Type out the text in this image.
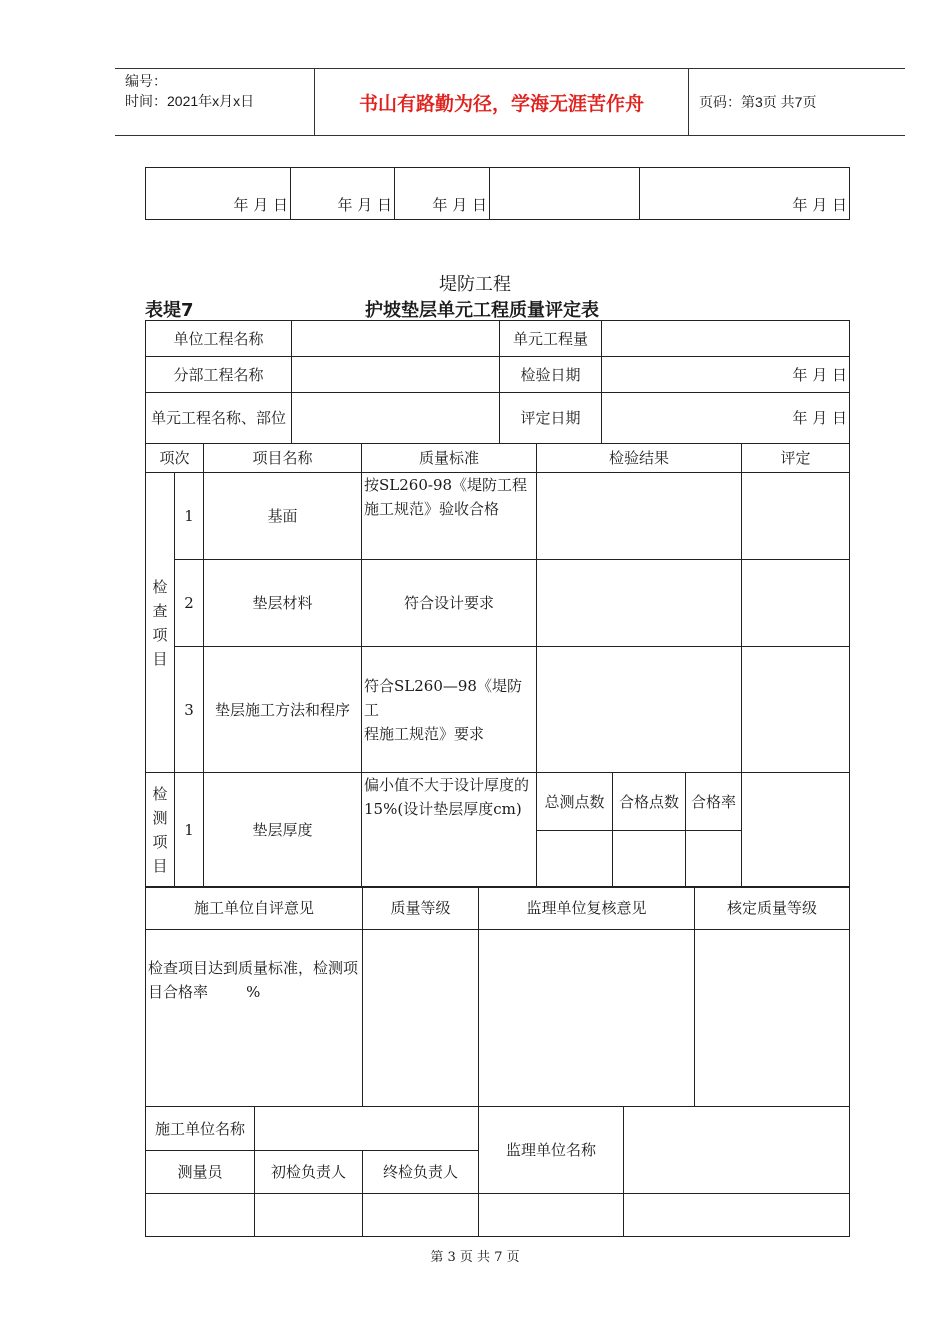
编号：
时间：2021年x月x日	书山有路勤为径，学海无涯苦作舟	页码：第3页 共7页
年 月 日	年 月 日	年 月 日		年 月 日
堤防工程
表堤7	护坡垫层单元工程质量评定表
单位工程名称		单元工程量	
分部工程名称		检验日期	年 月 日
单元工程名称、部位		评定日期	年 月 日
项次		项目名称	质量标准	检验结果			评定
检查项目	1	基面	按SL260-98《堤防工程施工规范》验收合格				
	2	垫层材料	符合设计要求				
	3	垫层施工方法和程序	符合SL260—98《堤防工
程施工规范》要求				
检测项目	1	垫层厚度	偏小值不大于设计厚度的15%(设计垫层厚度cm)	总测点数	合格点数	合格率	

施工单位自评意见	质量等级	监理单位复核意见	核定质量等级
检查项目达到质量标准，检测项目合格率        %			
施工单位名称			监理单位名称	
测量员	初检负责人	终检负责人		

第 3 页 共 7 页
